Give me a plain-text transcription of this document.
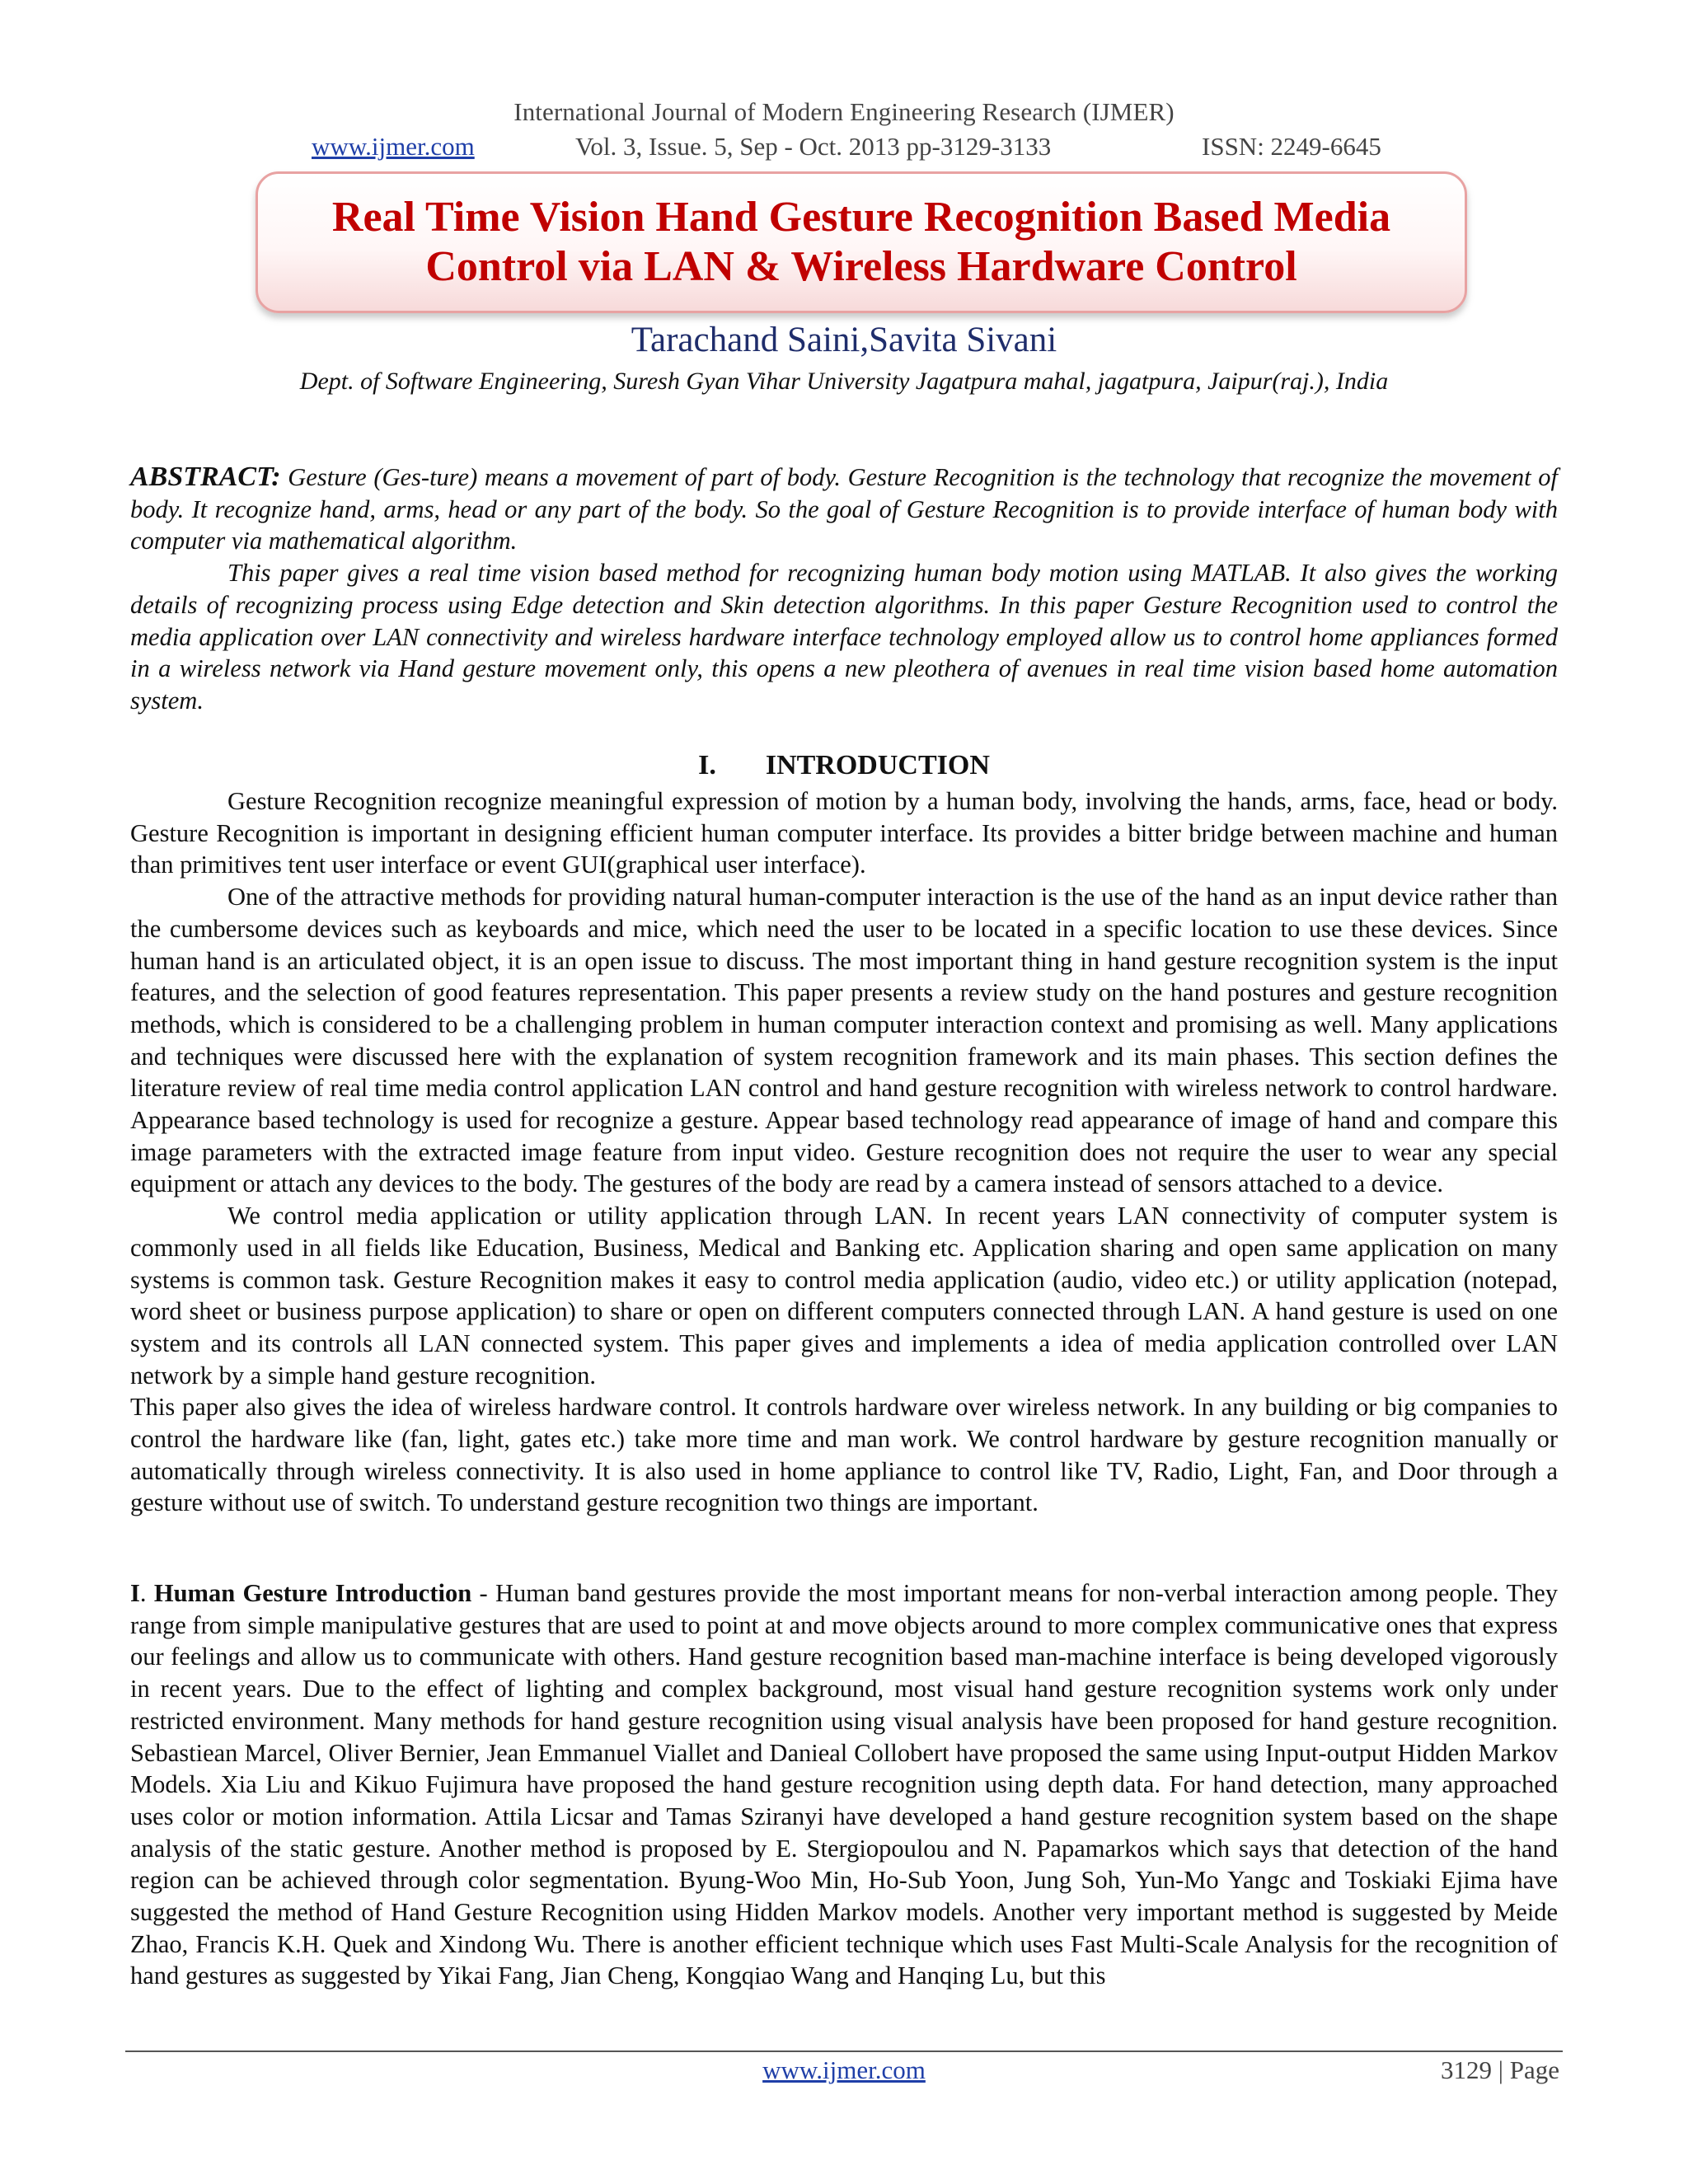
International Journal of Modern Engineering Research (IJMER)
www.ijmer.com	Vol. 3, Issue. 5, Sep - Oct. 2013 pp-3129-3133	ISSN: 2249-6645
Real Time Vision Hand Gesture Recognition Based Media
Control via LAN & Wireless Hardware Control
Tarachand Saini,Savita Sivani
Dept. of Software Engineering, Suresh Gyan Vihar University Jagatpura mahal, jagatpura, Jaipur(raj.), India

ABSTRACT: Gesture (Ges-ture) means a movement of part of body. Gesture Recognition is the technology that recognize the movement of body. It recognize hand, arms, head or any part of the body. So the goal of Gesture Recognition is to provide interface of human body with computer via mathematical algorithm.

This paper gives a real time vision based method for recognizing human body motion using MATLAB. It also gives the working details of recognizing process using Edge detection and Skin detection algorithms. In this paper Gesture Recognition used to control the media application over LAN connectivity and wireless hardware interface technology employed allow us to control home appliances formed in a wireless network via Hand gesture movement only, this opens a new pleothera of avenues in real time vision based home automation system.

I. INTRODUCTION

Gesture Recognition recognize meaningful expression of motion by a human body, involving the hands, arms, face, head or body. Gesture Recognition is important in designing efficient human computer interface. Its provides a bitter bridge between machine and human than primitives tent user interface or event GUI(graphical user interface).

One of the attractive methods for providing natural human-computer interaction is the use of the hand as an input device rather than the cumbersome devices such as keyboards and mice, which need the user to be located in a specific location to use these devices. Since human hand is an articulated object, it is an open issue to discuss. The most important thing in hand gesture recognition system is the input features, and the selection of good features representation. This paper presents a review study on the hand postures and gesture recognition methods, which is considered to be a challenging problem in human computer interaction context and promising as well. Many applications and techniques were discussed here with the explanation of system recognition framework and its main phases. This section defines the literature review of real time media control application LAN control and hand gesture recognition with wireless network to control hardware. Appearance based technology is used for recognize a gesture. Appear based technology read appearance of image of hand and compare this image parameters with the extracted image feature from input video. Gesture recognition does not require the user to wear any special equipment or attach any devices to the body. The gestures of the body are read by a camera instead of sensors attached to a device.

We control media application or utility application through LAN. In recent years LAN connectivity of computer system is commonly used in all fields like Education, Business, Medical and Banking etc. Application sharing and open same application on many systems is common task. Gesture Recognition makes it easy to control media application (audio, video etc.) or utility application (notepad, word sheet or business purpose application) to share or open on different computers connected through LAN. A hand gesture is used on one system and its controls all LAN connected system. This paper gives and implements a idea of media application controlled over LAN network by a simple hand gesture recognition.

This paper also gives the idea of wireless hardware control. It controls hardware over wireless network. In any building or big companies to control the hardware like (fan, light, gates etc.) take more time and man work. We control hardware by gesture recognition manually or automatically through wireless connectivity. It is also used in home appliance to control like TV, Radio, Light, Fan, and Door through a gesture without use of switch. To understand gesture recognition two things are important.

I. Human Gesture Introduction - Human band gestures provide the most important means for non-verbal interaction among people. They range from simple manipulative gestures that are used to point at and move objects around to more complex communicative ones that express our feelings and allow us to communicate with others. Hand gesture recognition based man-machine interface is being developed vigorously in recent years. Due to the effect of lighting and complex background, most visual hand gesture recognition systems work only under restricted environment. Many methods for hand gesture recognition using visual analysis have been proposed for hand gesture recognition. Sebastiean Marcel, Oliver Bernier, Jean Emmanuel Viallet and Danieal Collobert have proposed the same using Input-output Hidden Markov Models. Xia Liu and Kikuo Fujimura have proposed the hand gesture recognition using depth data. For hand detection, many approached uses color or motion information. Attila Licsar and Tamas Sziranyi have developed a hand gesture recognition system based on the shape analysis of the static gesture. Another method is proposed by E. Stergiopoulou and N. Papamarkos which says that detection of the hand region can be achieved through color segmentation. Byung-Woo Min, Ho-Sub Yoon, Jung Soh, Yun-Mo Yangc and Toskiaki Ejima have suggested the method of Hand Gesture Recognition using Hidden Markov models. Another very important method is suggested by Meide Zhao, Francis K.H. Quek and Xindong Wu. There is another efficient technique which uses Fast Multi-Scale Analysis for the recognition of hand gestures as suggested by Yikai Fang, Jian Cheng, Kongqiao Wang and Hanqing Lu, but this

www.ijmer.com	3129 | Page
